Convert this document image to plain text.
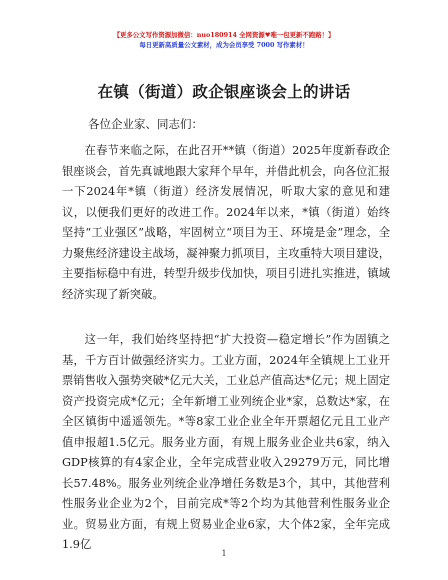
【更多公文写作资源加微信：nuo180914 全网资源♥唯一包更新不跑路！】
每日更新高质量公文素材，成为会员享受 7000 写作素材！
在镇（街道）政企银座谈会上的讲话
各位企业家、同志们：

在春节来临之际，在此召开**镇（街道）2025年度新春政企银座谈会，首先真诚地跟大家拜个早年，并借此机会，向各位汇报一下2024年*镇（街道）经济发展情况，听取大家的意见和建议，以便我们更好的改进工作。2024年以来，*镇（街道）始终坚持“工业强区”战略，牢固树立“项目为王、环境是金”理念，全力聚焦经济建设主战场，凝神聚力抓项目，主攻重特大项目建设，主要指标稳中有进，转型升级步伐加快，项目引进扎实推进，镇域经济实现了新突破。

这一年，我们始终坚持把“扩大投资—稳定增长”作为固镇之基，千方百计做强经济实力。工业方面，2024年全镇规上工业开票销售收入强势突破*亿元大关，工业总产值高达*亿元；规上固定资产投资完成*亿元；全年新增工业列统企业*家，总数达*家，在全区镇街中遥遥领先。*等8家工业企业全年开票超亿元且工业产值申报超1.5亿元。服务业方面，有规上服务业企业共6家，纳入GDP核算的有4家企业，全年完成营业收入29279万元，同比增长57.48%。服务业列统企业净增任务数是3个，其中，其他营利性服务业企业为2个，目前完成*等2个均为其他营利性服务业企业。贸易业方面，有规上贸易业企业6家，大个体2家，全年完成1.9亿

1
